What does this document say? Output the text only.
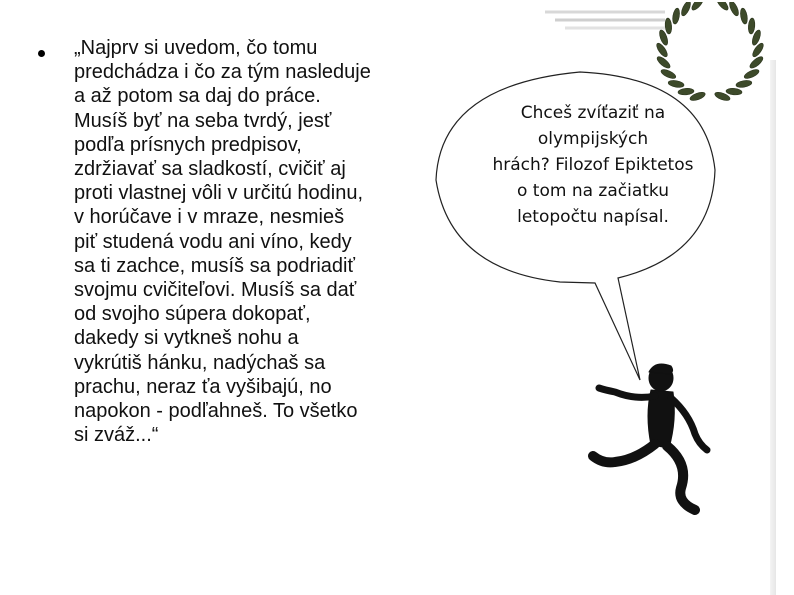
Chceš zvíťaziť na
olympijských
hrách? Filozof Epiktetos
o tom na začiatku
letopočtu napísal.
„Najprv si uvedom, čo tomu
predchádza i čo za tým nasleduje
a až potom sa daj do práce.
Musíš byť na seba tvrdý, jesť
podľa prísnych predpisov,
zdržiavať sa sladkostí, cvičiť aj
proti vlastnej vôli v určitú hodinu,
v horúčave i v mraze, nesmieš
piť studená vodu ani víno, kedy
sa ti zachce, musíš sa podriadiť
svojmu cvičiteľovi. Musíš sa dať
od svojho súpera dokopať,
dakedy si vytkneš nohu a
vykrútiš hánku, nadýchaš sa
prachu, neraz ťa vyšibajú, no
napokon - podľahneš. To všetko
si zváž...“
